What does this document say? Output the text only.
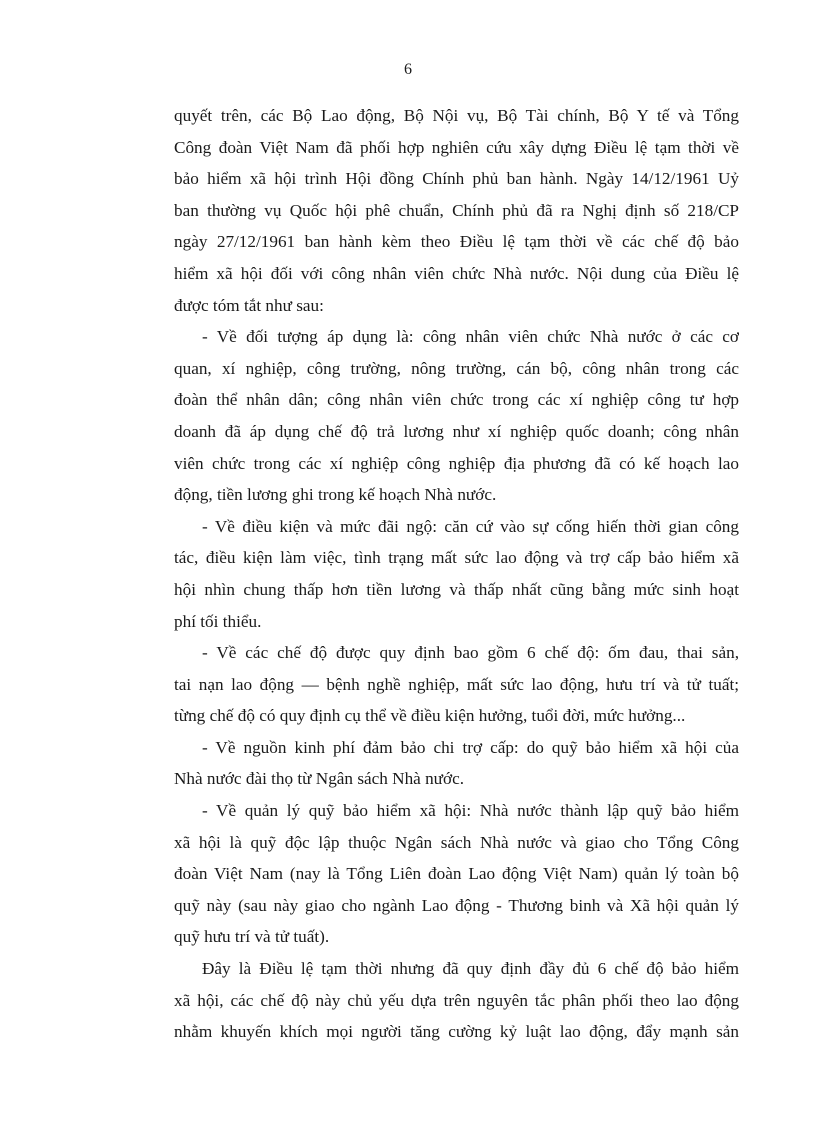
6

quyết trên, các Bộ Lao động, Bộ Nội vụ, Bộ Tài chính, Bộ Y tế và Tổng
Công đoàn Việt Nam đã phối hợp nghiên cứu xây dựng Điều lệ tạm thời về
bảo hiểm xã hội trình Hội đồng Chính phủ ban hành. Ngày 14/12/1961 Uỷ
ban thường vụ Quốc hội phê chuẩn, Chính phủ đã ra Nghị định số 218/CP
ngày 27/12/1961 ban hành kèm theo Điều lệ tạm thời về các chế độ bảo
hiểm xã hội đối với công nhân viên chức Nhà nước. Nội dung của Điều lệ
được tóm tắt như sau:

- Về đối tượng áp dụng là: công nhân viên chức Nhà nước ở các cơ
quan, xí nghiệp, công trường, nông trường, cán bộ, công nhân trong các
đoàn thể nhân dân; công nhân viên chức trong các xí nghiệp công tư hợp
doanh đã áp dụng chế độ trả lương như xí nghiệp quốc doanh; công nhân
viên chức trong các xí nghiệp công nghiệp địa phương đã có kế hoạch lao
động, tiền lương ghi trong kế hoạch Nhà nước.

- Về điều kiện và mức đãi ngộ: căn cứ vào sự cống hiến thời gian công
tác, điều kiện làm việc, tình trạng mất sức lao động và trợ cấp bảo hiểm xã
hội nhìn chung thấp hơn tiền lương và thấp nhất cũng bằng mức sinh hoạt
phí tối thiểu.

- Về các chế độ được quy định bao gồm 6 chế độ: ốm đau, thai sản,
tai nạn lao động — bệnh nghề nghiệp, mất sức lao động, hưu trí và tử tuất;
từng chế độ có quy định cụ thể về điều kiện hưởng, tuổi đời, mức hưởng...

- Về nguồn kinh phí đảm bảo chi trợ cấp: do quỹ bảo hiểm xã hội của
Nhà nước đài thọ từ Ngân sách Nhà nước.

- Về quản lý quỹ bảo hiểm xã hội: Nhà nước thành lập quỹ bảo hiểm
xã hội là quỹ độc lập thuộc Ngân sách Nhà nước và giao cho Tổng Công
đoàn Việt Nam (nay là Tổng Liên đoàn Lao động Việt Nam) quản lý toàn bộ
quỹ này (sau này giao cho ngành Lao động - Thương binh và Xã hội quản lý
quỹ hưu trí và tử tuất).

Đây là Điều lệ tạm thời nhưng đã quy định đầy đủ 6 chế độ bảo hiểm
xã hội, các chế độ này chủ yếu dựa trên nguyên tắc phân phối theo lao động
nhằm khuyến khích mọi người tăng cường kỷ luật lao động, đẩy mạnh sản
